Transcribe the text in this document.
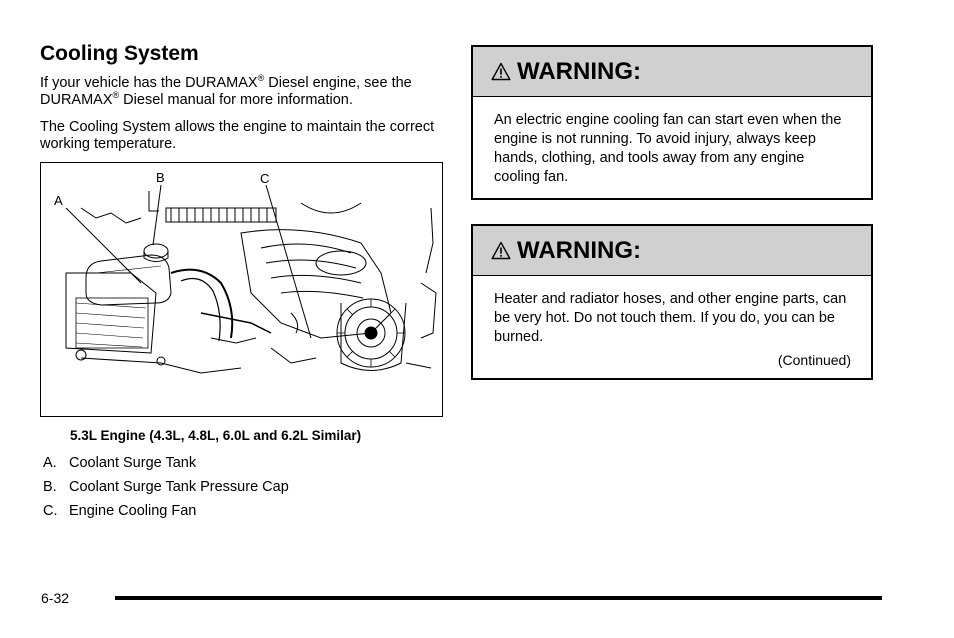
Cooling System

If your vehicle has the DURAMAX® Diesel engine, see the DURAMAX® Diesel manual for more information.

The Cooling System allows the engine to maintain the correct working temperature.

A
B	C
5.3L Engine (4.3L, 4.8L, 6.0L and 6.2L Similar)
A. Coolant Surge Tank
B. Coolant Surge Tank Pressure Cap
C. Engine Cooling Fan
WARNING:
An electric engine cooling fan can start even when the engine is not running. To avoid injury, always keep hands, clothing, and tools away from any engine cooling fan.
WARNING:
Heater and radiator hoses, and other engine parts, can be very hot. Do not touch them. If you do, you can be burned.
(Continued)
6-32
